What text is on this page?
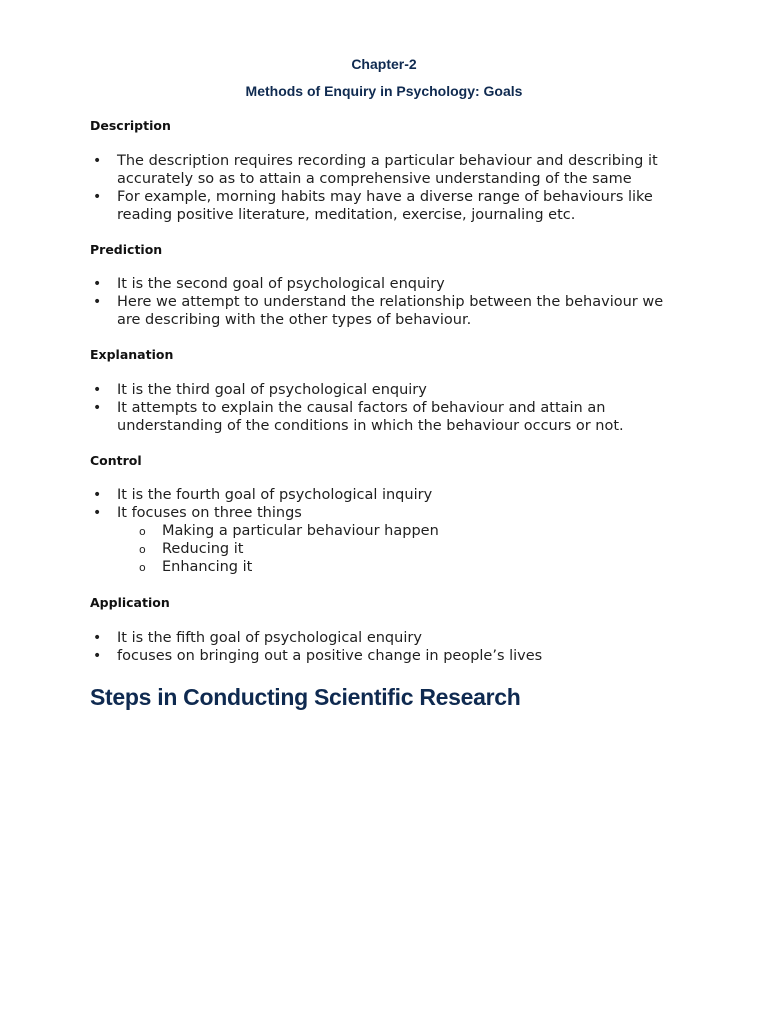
Chapter-2
Methods of Enquiry in Psychology: Goals
Description
• The description requires recording a particular behaviour and describing it accurately so as to attain a comprehensive understanding of the same
• For example, morning habits may have a diverse range of behaviours like reading positive literature, meditation, exercise, journaling etc.
Prediction
• It is the second goal of psychological enquiry
• Here we attempt to understand the relationship between the behaviour we are describing with the other types of behaviour.
Explanation
• It is the third goal of psychological enquiry
• It attempts to explain the causal factors of behaviour and attain an understanding of the conditions in which the behaviour occurs or not.
Control
• It is the fourth goal of psychological inquiry
• It focuses on three things
o Making a particular behaviour happen
o Reducing it
o Enhancing it
Application
• It is the fifth goal of psychological enquiry
• focuses on bringing out a positive change in people’s lives
Steps in Conducting Scientific Research
